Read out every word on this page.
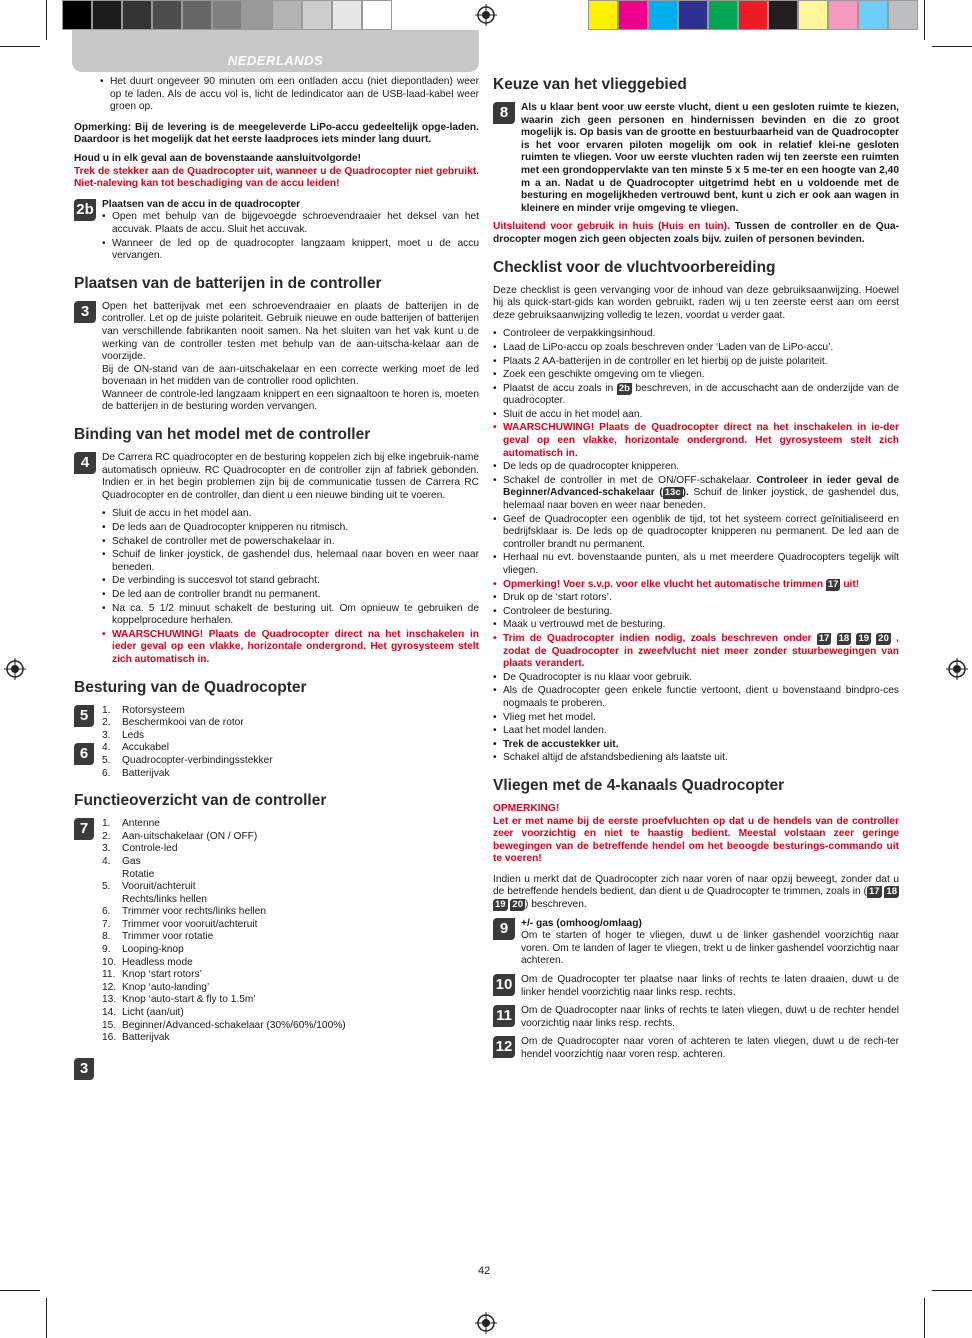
NEDERLANDS
• Het duurt ongeveer 90 minuten om een ontladen accu (niet diepontladen) weer op te laden. Als de accu vol is, licht de ledindicator aan de USB-laad-kabel weer groen op.

Opmerking: Bij de levering is de meegeleverde LiPo-accu gedeeltelijk opge-laden. Daardoor is het mogelijk dat het eerste laadproces iets minder lang duurt.

Houd u in elk geval aan de bovenstaande aansluitvolgorde!
Trek de stekker aan de Quadrocopter uit, wanneer u de Quadrocopter niet gebruikt. Niet-naleving kan tot beschadiging van de accu leiden!

2b Plaatsen van de accu in de quadrocopter
• Open met behulp van de bijgevoegde schroevendraaier het deksel van het accuvak. Plaats de accu. Sluit het accuvak.
• Wanneer de led op de quadrocopter langzaam knippert, moet u de accu vervangen.
Plaatsen van de batterijen in de controller
3	Open het batterijvak met een schroevendraaier en plaats de batterijen in de controller. Let op de juiste polariteit. Gebruik nieuwe en oude batterijen of batterijen van verschillende fabrikanten nooit samen. Na het sluiten van het vak kunt u de werking van de controller testen met behulp van de aan-uitscha-kelaar aan de voorzijde.

Bij de ON-stand van de aan-uitschakelaar en een correcte werking moet de led bovenaan in het midden van de controller rood oplichten.

Wanneer de controle-led langzaam knippert en een signaaltoon te horen is, moeten de batterijen in de besturing worden vervangen.

Binding van het model met de controller
4	De Carrera RC quadrocopter en de besturing koppelen zich bij elke ingebruik-name automatisch opnieuw. RC Quadrocopter en de controller zijn af fabriek gebonden. Indien er in het begin problemen zijn bij de communicatie tussen de Carrera RC Quadrocopter en de controller, dan dient u een nieuwe binding uit te voeren.

• Sluit de accu in het model aan.
• De leds aan de Quadrocopter knipperen nu ritmisch.
• Schakel de controller met de powerschakelaar in.
• Schuif de linker joystick, de gashendel dus, helemaal naar boven en weer naar beneden.
• De verbinding is succesvol tot stand gebracht.
• De led aan de controller brandt nu permanent.
• Na ca. 5 1/2 minuut schakelt de besturing uit. Om opnieuw te gebruiken de koppelprocedure herhalen.
• WAARSCHUWING! Plaats de Quadrocopter direct na het inschakelen in ieder geval op een vlakke, horizontale ondergrond. Het gyrosysteem stelt zich automatisch in.
Besturing van de Quadrocopter
5
6
1.	Rotorsysteem
2.	Beschermkooi van de rotor
3.	Leds
4.	Accukabel
5.	Quadrocopter-verbindingsstekker
6.	Batterijvak
Functieoverzicht van de controller
7
3
1.	Antenne
2.	Aan-uitschakelaar (ON / OFF)
3.	Controle-led
4.	Gas
Rotatie
5.	Vooruit/achteruit
Rechts/links hellen
6.	Trimmer voor rechts/links hellen
7.	Trimmer voor vooruit/achteruit
8.	Trimmer voor rotatie
9.	Looping-knop
10. Headless mode
11. Knop ‘start rotors’
12. Knop ‘auto-landing’
13. Knop ‘auto-start & fly to 1.5m’
14. Licht (aan/uit)
15. Beginner/Advanced-schakelaar (30%/60%/100%)
16. Batterijvak
Keuze van het vlieggebied
8	Als u klaar bent voor uw eerste vlucht, dient u een gesloten ruimte te kiezen, waarin zich geen personen en hindernissen bevinden en die zo groot mogelijk is. Op basis van de grootte en bestuurbaarheid van de Quadrocopter is het voor ervaren piloten mogelijk om ook in relatief klei-ne gesloten ruimten te vliegen. Voor uw eerste vluchten raden wij ten zeerste een ruimten met een grondoppervlakte van ten minste 5 x 5 me-ter en een hoogte van 2,40 m a an. Nadat u de Quadrocopter uitgetrimd hebt en u voldoende met de besturing en mogelijkheden vertrouwd bent, kunt u zich er ook aan wagen in kleinere en minder vrije omgeving te vliegen.

Uitsluitend voor gebruik in huis (Huis en tuin). Tussen de controller en de Qua-drocopter mogen zich geen objecten zoals bijv. zuilen of personen bevinden.

Checklist voor de vluchtvoorbereiding

Deze checklist is geen vervanging voor de inhoud van deze gebruiksaanwijzing. Hoewel hij als quick-start-gids kan worden gebruikt, raden wij u ten zeerste eerst aan om eerst deze gebruiksaanwijzing volledig te lezen, voordat u verder gaat.

• Controleer de verpakkingsinhoud.
• Laad de LiPo-accu op zoals beschreven onder ‘Laden van de LiPo-accu’.
• Plaats 2 AA-batterijen in de controller en let hierbij op de juiste polariteit.
• Zoek een geschikte omgeving om te vliegen.
• Plaatst de accu zoals in 2b beschreven, in de accuschacht aan de onderzijde van de quadrocopter.
• Sluit de accu in het model aan.
• WAARSCHUWING! Plaats de Quadrocopter direct na het inschakelen in ie-der geval op een vlakke, horizontale ondergrond. Het gyrosysteem stelt zich automatisch in.
• De leds op de quadrocopter knipperen.
• Schakel de controller in met de ON/OFF-schakelaar. Controleer in ieder geval de Beginner/Advanced-schakelaar ( 13c ). Schuif de linker joystick, de gashendel dus, helemaal naar boven en weer naar beneden.
• Geef de Quadrocopter een ogenblik de tijd, tot het systeem correct geïnitialiseerd en bedrijfsklaar is. De leds op de quadrocopter knipperen nu permanent. De led aan de controller brandt nu permanent.
• Herhaal nu evt. bovenstaande punten, als u met meerdere Quadrocopters tegelijk wilt vliegen.
• Opmerking! Voer s.v.p. voor elke vlucht het automatische trimmen 17 uit!
• Druk op de ‘start rotors’.
• Controleer de besturing.
• Maak u vertrouwd met de besturing.
• Trim de Quadrocopter indien nodig, zoals beschreven onder 17 18 19 20 , zodat de Quadrocopter in zweefvlucht niet meer zonder stuurbewegingen van plaats verandert.
• De Quadrocopter is nu klaar voor gebruik.
• Als de Quadrocopter geen enkele functie vertoont, dient u bovenstaand bindpro-ces nogmaals te proberen.
• Vlieg met het model.
• Laat het model landen.
• Trek de accustekker uit.
• Schakel altijd de afstandsbediening als laatste uit.
Vliegen met de 4-kanaals Quadrocopter

OPMERKING!
Let er met name bij de eerste proefvluchten op dat u de hendels van de controller zeer voorzichtig en niet te haastig bedient. Meestal volstaan zeer geringe bewegingen van de betreffende hendel om het beoogde besturings-commando uit te voeren!

Indien u merkt dat de Quadrocopter zich naar voren of naar opzij beweegt, zonder dat u de betreffende hendels bedient, dan dient u de Quadrocopter te trimmen, zoals in ( 17 18 19 20 ) beschreven.

9	+/- gas (omhoog/omlaag)

Om te starten of hoger te vliegen, duwt u de linker gashendel voorzichtig naar voren. Om te landen of lager te vliegen, trekt u de linker gashendel voorzichtig naar achteren.

10 Om de Quadrocopter ter plaatse naar links of rechts te laten draaien, duwt u de linker hendel voorzichtig naar links resp. rechts.

11 Om de Quadrocopter naar links of rechts te laten vliegen, duwt u de rechter hendel voorzichtig naar links resp. rechts.

12 Om de Quadrocopter naar voren of achteren te laten vliegen, duwt u de rech-ter hendel voorzichtig naar voren resp. achteren.

42
